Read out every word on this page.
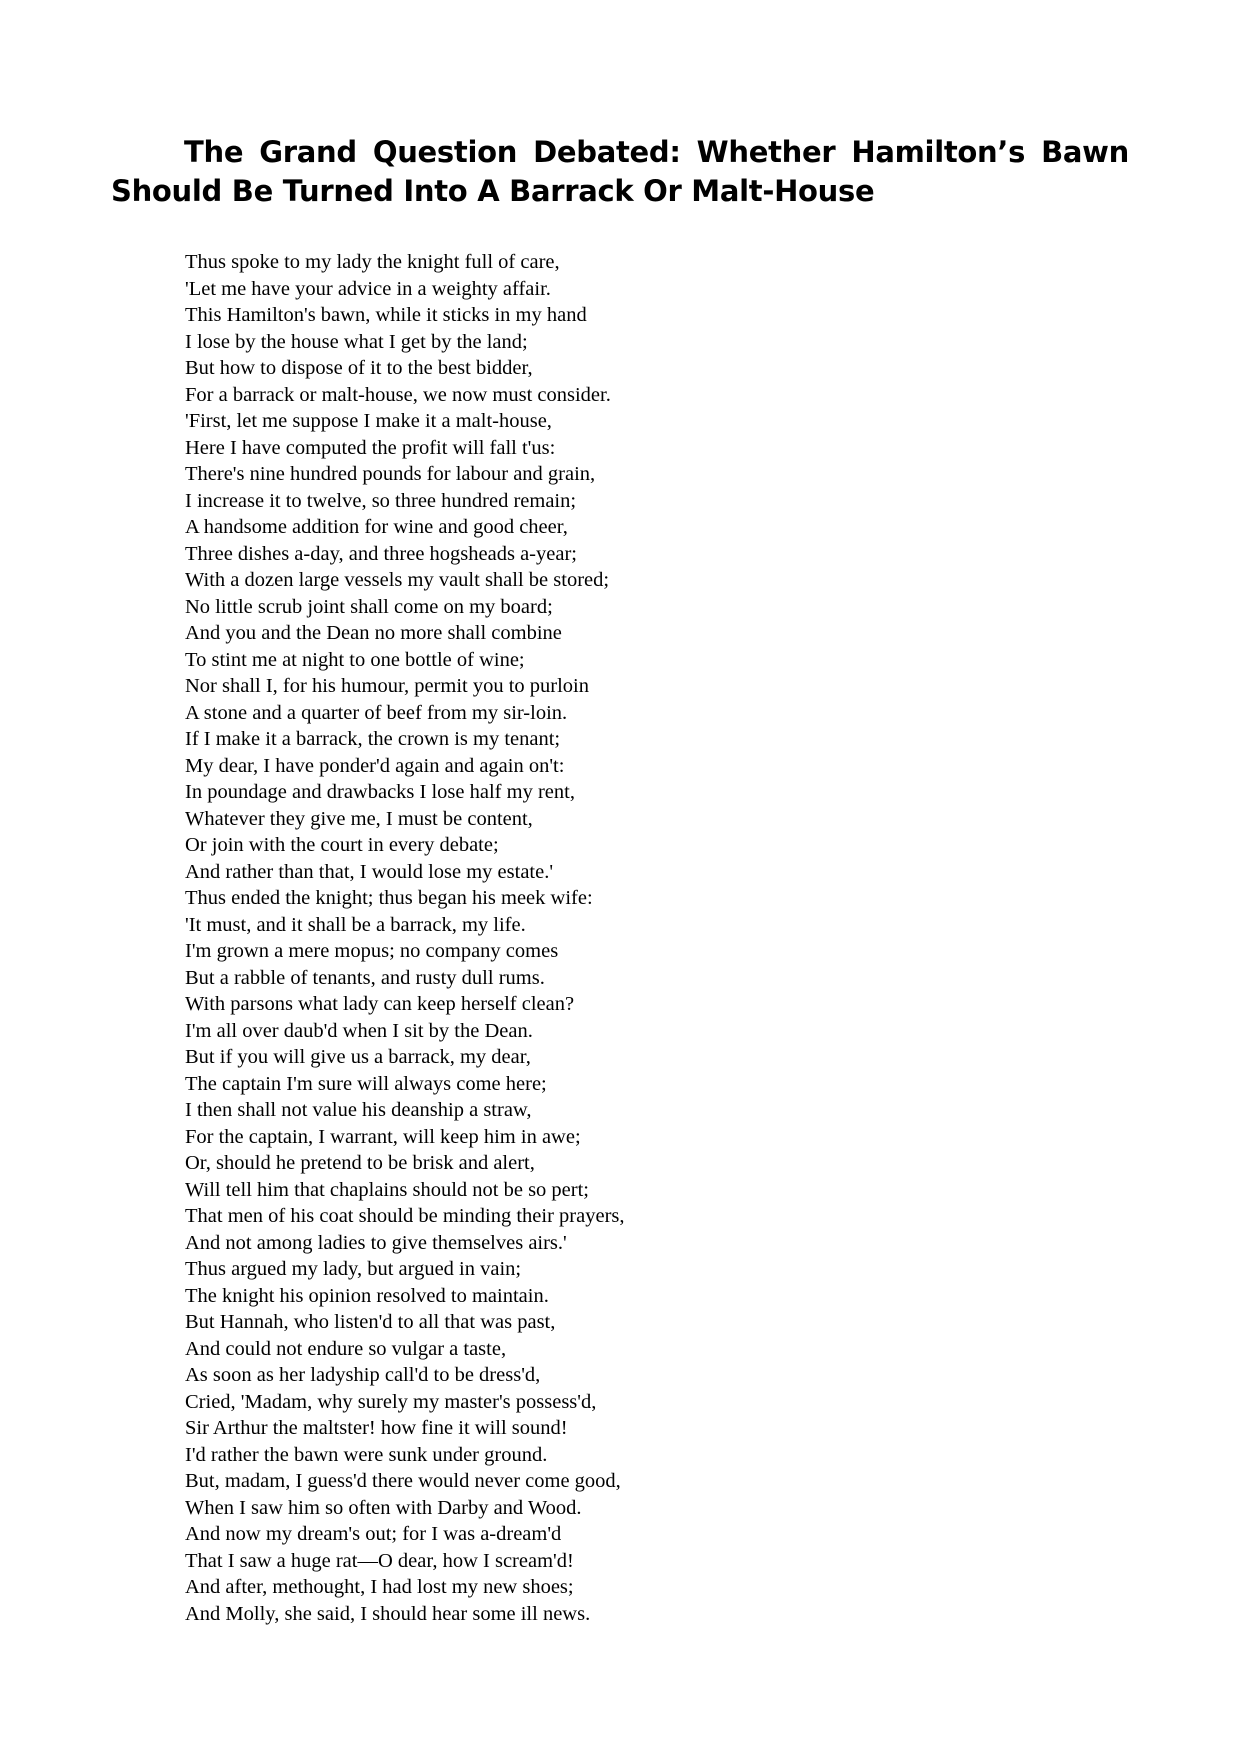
The Grand Question Debated: Whether Hamilton’s Bawn Should Be Turned Into A Barrack Or Malt-House
Thus spoke to my lady the knight full of care,
'Let me have your advice in a weighty affair.
This Hamilton's bawn, while it sticks in my hand
I lose by the house what I get by the land;
But how to dispose of it to the best bidder,
For a barrack or malt-house, we now must consider.
'First, let me suppose I make it a malt-house,
Here I have computed the profit will fall t'us:
There's nine hundred pounds for labour and grain,
I increase it to twelve, so three hundred remain;
A handsome addition for wine and good cheer,
Three dishes a-day, and three hogsheads a-year;
With a dozen large vessels my vault shall be stored;
No little scrub joint shall come on my board;
And you and the Dean no more shall combine
To stint me at night to one bottle of wine;
Nor shall I, for his humour, permit you to purloin
A stone and a quarter of beef from my sir-loin.
If I make it a barrack, the crown is my tenant;
My dear, I have ponder'd again and again on't:
In poundage and drawbacks I lose half my rent,
Whatever they give me, I must be content,
Or join with the court in every debate;
And rather than that, I would lose my estate.'
Thus ended the knight; thus began his meek wife:
'It must, and it shall be a barrack, my life.
I'm grown a mere mopus; no company comes
But a rabble of tenants, and rusty dull rums.
With parsons what lady can keep herself clean?
I'm all over daub'd when I sit by the Dean.
But if you will give us a barrack, my dear,
The captain I'm sure will always come here;
I then shall not value his deanship a straw,
For the captain, I warrant, will keep him in awe;
Or, should he pretend to be brisk and alert,
Will tell him that chaplains should not be so pert;
That men of his coat should be minding their prayers,
And not among ladies to give themselves airs.'
Thus argued my lady, but argued in vain;
The knight his opinion resolved to maintain.
But Hannah, who listen'd to all that was past,
And could not endure so vulgar a taste,
As soon as her ladyship call'd to be dress'd,
Cried, 'Madam, why surely my master's possess'd,
Sir Arthur the maltster! how fine it will sound!
I'd rather the bawn were sunk under ground.
But, madam, I guess'd there would never come good,
When I saw him so often with Darby and Wood.
And now my dream's out; for I was a-dream'd
That I saw a huge rat—O dear, how I scream'd!
And after, methought, I had lost my new shoes;
And Molly, she said, I should hear some ill news.
